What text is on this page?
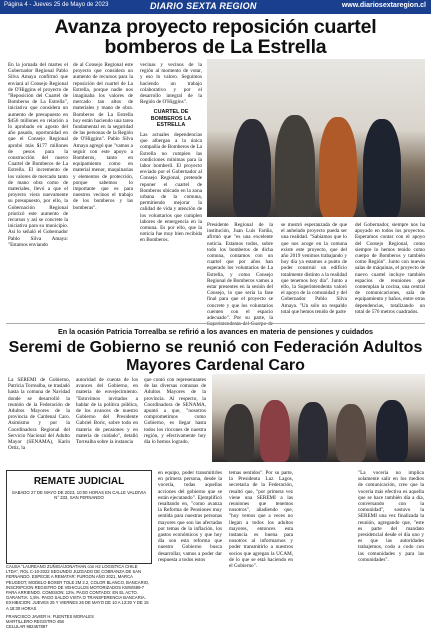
Página 4 - Jueves 25 de Mayo de 2023	DIARIO SEXTA REGION	www.diariosextaregion.cl
Avanza proyecto reposición cuartel bomberos de La Estrella

En la jornada del martes el Gobernador Regional Pablo Silva Amaya confirmó que enviará al Consejo Regional de O'Higgins el proyecto de "Reposición del Cuartel de Bomberos de La Estrella", iniciativa que considera un aumento de presupuesto en $456 millones en relación a lo aprobado en agosto del año pasado, oportunidad en que el Consejo Regional aprobó más $177 millones de pesos para la construcción del nuevo Cuartel de Bomberos de La Estrella. El incremento de los valores de mercado tanto de mano obra como de materiales, llevó a que el proyecto viera nuevamente su presupuesto, por ello, la Gobernación Regional priorizó este aumento de recursos y así se concrete la iniciativa para su municipio. Así lo señaló el Gobernador Pablo Silva Amaya: "Estamos enviando

de al Consejo Regional este proyecto que considera un aumento de recursos para la reposición del cuartel de La Estrella, porque nadie nos imaginaba los valores de mercado tan altos de materiales y mano de obra. Bomberos de La Estrella hoy están haciendo una tarea fundamental en la seguridad de las personas de la Región de O'Higgins". Pablo Silva Amaya agregó que "vamos a seguir con este apoyo a Bomberos, tanto en equipamiento como en material menor, maquinarias y elementos de protección, porque sabemos lo importante que es para nuestros vecinos el trabajo de los bomberos y las bomberas".

vecinas y vecinos de la región al momento de votar, y eso lo valoro. Seguimos haciendo un trabajo colaborativo y por el desarrollo integral de la Región de O'Higgins".

CUARTEL DE BOMBEROS LA ESTRELLA

Las actuales dependencias que albergan a la única compañía de Bomberos de La Estrella no cumplen las condiciones mínimas para la labor bomberil. El proyecto enviado por el Gobernador al Consejo Regional, pretende reponer el cuartel de Bomberos ubicado en la zona urbana de la comuna, permitiendo mejorar la calidad de vida y atención de los voluntarios que cumplen labores de emergencia en la comuna. Es por ello, que la noticia fue muy bien recibida en Bomberos.

Presidente Regional de la institución, Juan Luis Fariña, afirmó que "es una excelente noticia. Estamos todos, sobre todo los bomberos de dicha comuna, contamos con un cuartel que por años han esperado los voluntarios de La Estrella, y como Consejo Regional de Bomberos vamos a estar presentes en la sesión del Consejo, lo que sería la fase final para que el proyecto se concrete y que los voluntarios cuenten con el espacio adecuado". Por su parte, la

se mostró esperanzada de que el anhelado proyecto pueda ser una realidad. "Sabíamos que lo que nos acoge en la comuna existe este proyecto, que del año 2019 venimos trabajando y hoy día ya estamos a punto de poder construir un edificio totalmente distinto a la realidad que tenemos hoy día". Junto a ello, la Superintendenta valoró el apoyo de la comunidad y del Gobernador Pablo Silva Amaya. "Un sólo un respaldo total que hemos tenido de parte

del Gobernador, siempre nos ha apoyado en todos los proyectos. Esperamos contar con el apoyo del Consejo Regional, como siempre lo hemos tenido como cuerpo de Bomberos y también como Región". Junto con nuevas salas de máquinas, el proyecto de nuevo cuartel incluye también espacios de reuniones que contemplan la cocina, una central de comunicaciones, sala de equipamiento y baños, entre otras dependencias, totalizando un total de 576 metros cuadrados.

En la ocasión Patricia Torrealba se refirió a los avances en materia de pensiones y cuidados
Seremi de Gobierno se reunió con Federación Adultos Mayores Cardenal Caro

La SEREMI de Gobierno, Patricia Torrealba, se trasladó hasta la comuna de Navidad donde se desarrolló la reunión de la Federación de Adultos Mayores de la provincia de Cardenal Caro. Asimismo y por la Coordinadora Regional del Servicio Nacional del Adulto Mayor (SENAMA), Karin Ortiz, la

autoridad de cuenta de los avances del Gobierno, en materia de envejecimiento. "Estuvimos invitados a hablar de la política pública, de los avances de nuestro Gobierno del Presidente Gabriel Boric, sobre todo en materia de pensiones y en materia de cuidado", detalló Torrealba sobre la instancia

que contó con representantes de las diversas comunas de Adultos Mayores de la provincia. Al respecto, la Coordinadora de SENAMA, apuntó a que, "nosotros comprometimos como Gobierno, es llegar hasta todos los rincones de nuestra región, y efectivamente hoy día lo hemos logrado,

en equipo, poder transmitirles en primera persona, desde la vocería, todas aquellas acciones del gobierno que se están ejecutando". Ejemplificó resaltando en, "como avanza la Reforma de Pensiones muy sentida para nuestras personas mayores que son las afectadas por temas de la inflación, los gastos económicos y que hoy día son esta reforma que nuestro Gobierno busca desarrollar, vamos a poder dar respuesta a todos estos

temas sentidos". Por su parte, la Presidenta Luz Lagos, secretaria de la Federación, resaltó que, "por primera vez viene una SEREMI a las reuniones que tenemos nosotros", añadiendo que, "hoy vemos que a veces no llegan a todos los adultos mayores, entonces esta instancia es buena para nosotros al informarnos y poder transmitirlo a nuestros socios que agregan la UCAM, de lo que se está haciendo en el Gobierno".

"La vocería no implica solamente salir en los medios de comunicación, creo que la vocería más efectiva es aquella que se hace también día a día, conversando con la comunidad", sostuvo la SEREMI una vez finalizada la reunión, agregando que, "este es parte del mandato presidencial desde el día uno y es que las autoridades trabajemos, codo a codo con las comunidades y para las comunidades".

REMATE JUDICIAL
SABADO 27 DE MAYO DE 2023, 10:00 HORAS EN CALLE VALDIVIA N° 333, SAN FERNANDO
CAUSA "LAUREANO ZUÑIGA/JONATHAN con H2 LOGISTICA CHILE LTDA", ROL C-10-2022 SEGUNDO JUZGADO DE COBRANZA DE SAN FERNANDO. ESPECIE A REMATAR: FURGON AÑO 2021, MARCA PEUGEOT, MODELO BOXER TOLE 2M 2.2, COLOR BLANCO, BANCARIO, INSCRIPCION REGISTRO DE VEHICULOS MOTORIZADOS KWWS89-7 PARA ARRIENDO. COMISION: 12%. PAGO CONTADO: EN EL ACTO. GARANTIA: 1,5%. PAGO SALDO VISTA O TRANSFERENCIA BANCARIA. EXHIBICION: JUEVES 25 Y VIERNES 26 DE MAYO DE 10 A 13:30 Y DE 15 A 18:30 HORAS
FRANCISCO JAVIER H. FUENTES MORALES
MARTILLERO REGISTRO 458
CELULAR 982457887
